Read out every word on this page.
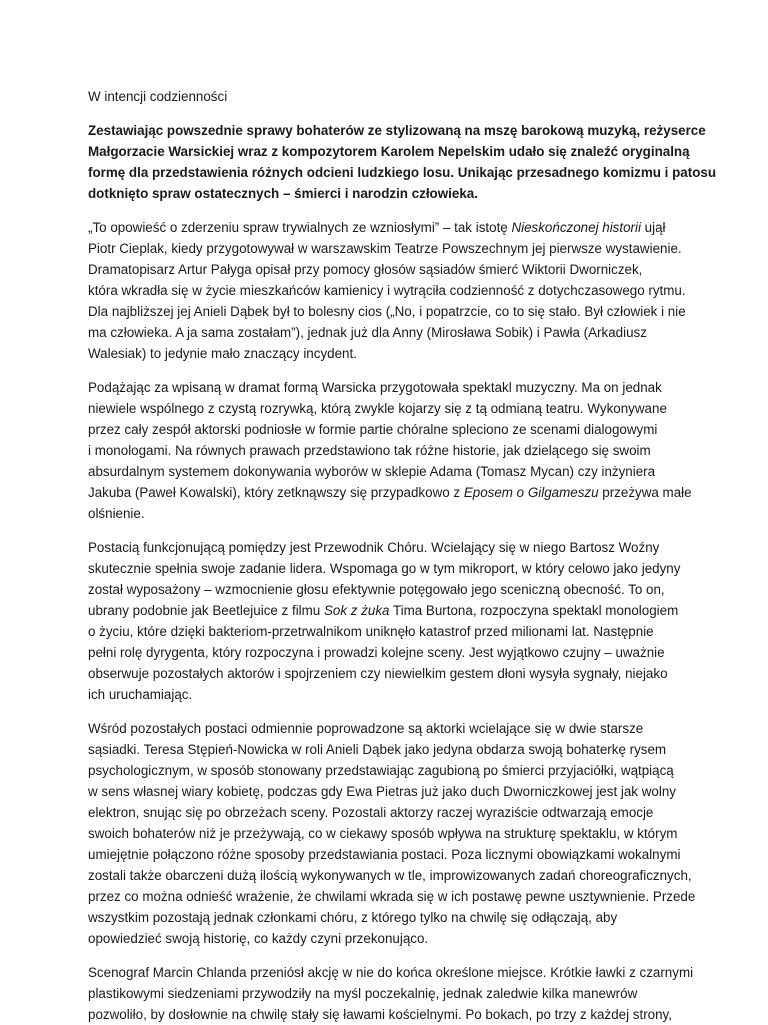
W intencji codzienności
Zestawiając powszednie sprawy bohaterów ze stylizowaną na mszę barokową muzyką, reżyserce
Małgorzacie Warsickiej wraz z kompozytorem Karolem Nepelskim udało się znaleźć oryginalną
formę dla przedstawienia różnych odcieni ludzkiego losu. Unikając przesadnego komizmu i patosu
dotknięto spraw ostatecznych – śmierci i narodzin człowieka.
„To opowieść o zderzeniu spraw trywialnych ze wzniosłymi” – tak istotę Nieskończonej historii ujął
Piotr Cieplak, kiedy przygotowywał w warszawskim Teatrze Powszechnym jej pierwsze wystawienie.
Dramatopisarz Artur Pałyga opisał przy pomocy głosów sąsiadów śmierć Wiktorii Dworniczek,
która wkradła się w życie mieszkańców kamienicy i wytrąciła codzienność z dotychczasowego rytmu.
Dla najbliższej jej Anieli Dąbek był to bolesny cios („No, i popatrzcie, co to się stało. Był człowiek i nie
ma człowieka. A ja sama zostałam”), jednak już dla Anny (Mirosława Sobik) i Pawła (Arkadiusz
Walesiak) to jedynie mało znaczący incydent.
Podążając za wpisaną w dramat formą Warsicka przygotowała spektakl muzyczny. Ma on jednak
niewiele wspólnego z czystą rozrywką, którą zwykle kojarzy się z tą odmianą teatru. Wykonywane
przez cały zespół aktorski podniosłe w formie partie chóralne spleciono ze scenami dialogowymi
i monologami. Na równych prawach przedstawiono tak różne historie, jak dzielącego się swoim
absurdalnym systemem dokonywania wyborów w sklepie Adama (Tomasz Mycan) czy inżyniera
Jakuba (Paweł Kowalski), który zetknąwszy się przypadkowo z Eposem o Gilgameszu przeżywa małe
olśnienie.
Postacią funkcjonującą pomiędzy jest Przewodnik Chóru. Wcielający się w niego Bartosz Woźny
skutecznie spełnia swoje zadanie lidera. Wspomaga go w tym mikroport, w który celowo jako jedyny
został wyposażony – wzmocnienie głosu efektywnie potęgowało jego sceniczną obecność. To on,
ubrany podobnie jak Beetlejuice z filmu Sok z żuka Tima Burtona, rozpoczyna spektakl monologiem
o życiu, które dzięki bakteriom-przetrwalnikom uniknęło katastrof przed milionami lat. Następnie
pełni rolę dyrygenta, który rozpoczyna i prowadzi kolejne sceny. Jest wyjątkowo czujny – uważnie
obserwuje pozostałych aktorów i spojrzeniem czy niewielkim gestem dłoni wysyła sygnały, niejako
ich uruchamiając.
Wśród pozostałych postaci odmiennie poprowadzone są aktorki wcielające się w dwie starsze
sąsiadki. Teresa Stępień-Nowicka w roli Anieli Dąbek jako jedyna obdarza swoją bohaterkę rysem
psychologicznym, w sposób stonowany przedstawiając zagubioną po śmierci przyjaciółki, wątpiącą
w sens własnej wiary kobietę, podczas gdy Ewa Pietras już jako duch Dworniczkowej jest jak wolny
elektron, snując się po obrzeżach sceny. Pozostali aktorzy raczej wyraziście odtwarzają emocje
swoich bohaterów niż je przeżywają, co w ciekawy sposób wpływa na strukturę spektaklu, w którym
umiejętnie połączono różne sposoby przedstawiania postaci. Poza licznymi obowiązkami wokalnymi
zostali także obarczeni dużą ilością wykonywanych w tle, improwizowanych zadań choreograficznych,
przez co można odnieść wrażenie, że chwilami wkrada się w ich postawę pewne usztywnienie. Przede
wszystkim pozostają jednak członkami chóru, z którego tylko na chwilę się odłączają, aby
opowiedzieć swoją historię, co każdy czyni przekonująco.
Scenograf Marcin Chlanda przeniósł akcję w nie do końca określone miejsce. Krótkie ławki z czarnymi
plastikowymi siedzeniami przywodziły na myśl poczekalnię, jednak zaledwie kilka manewrów
pozwoliło, by dosłownie na chwilę stały się ławami kościelnymi. Po bokach, po trzy z każdej strony,
